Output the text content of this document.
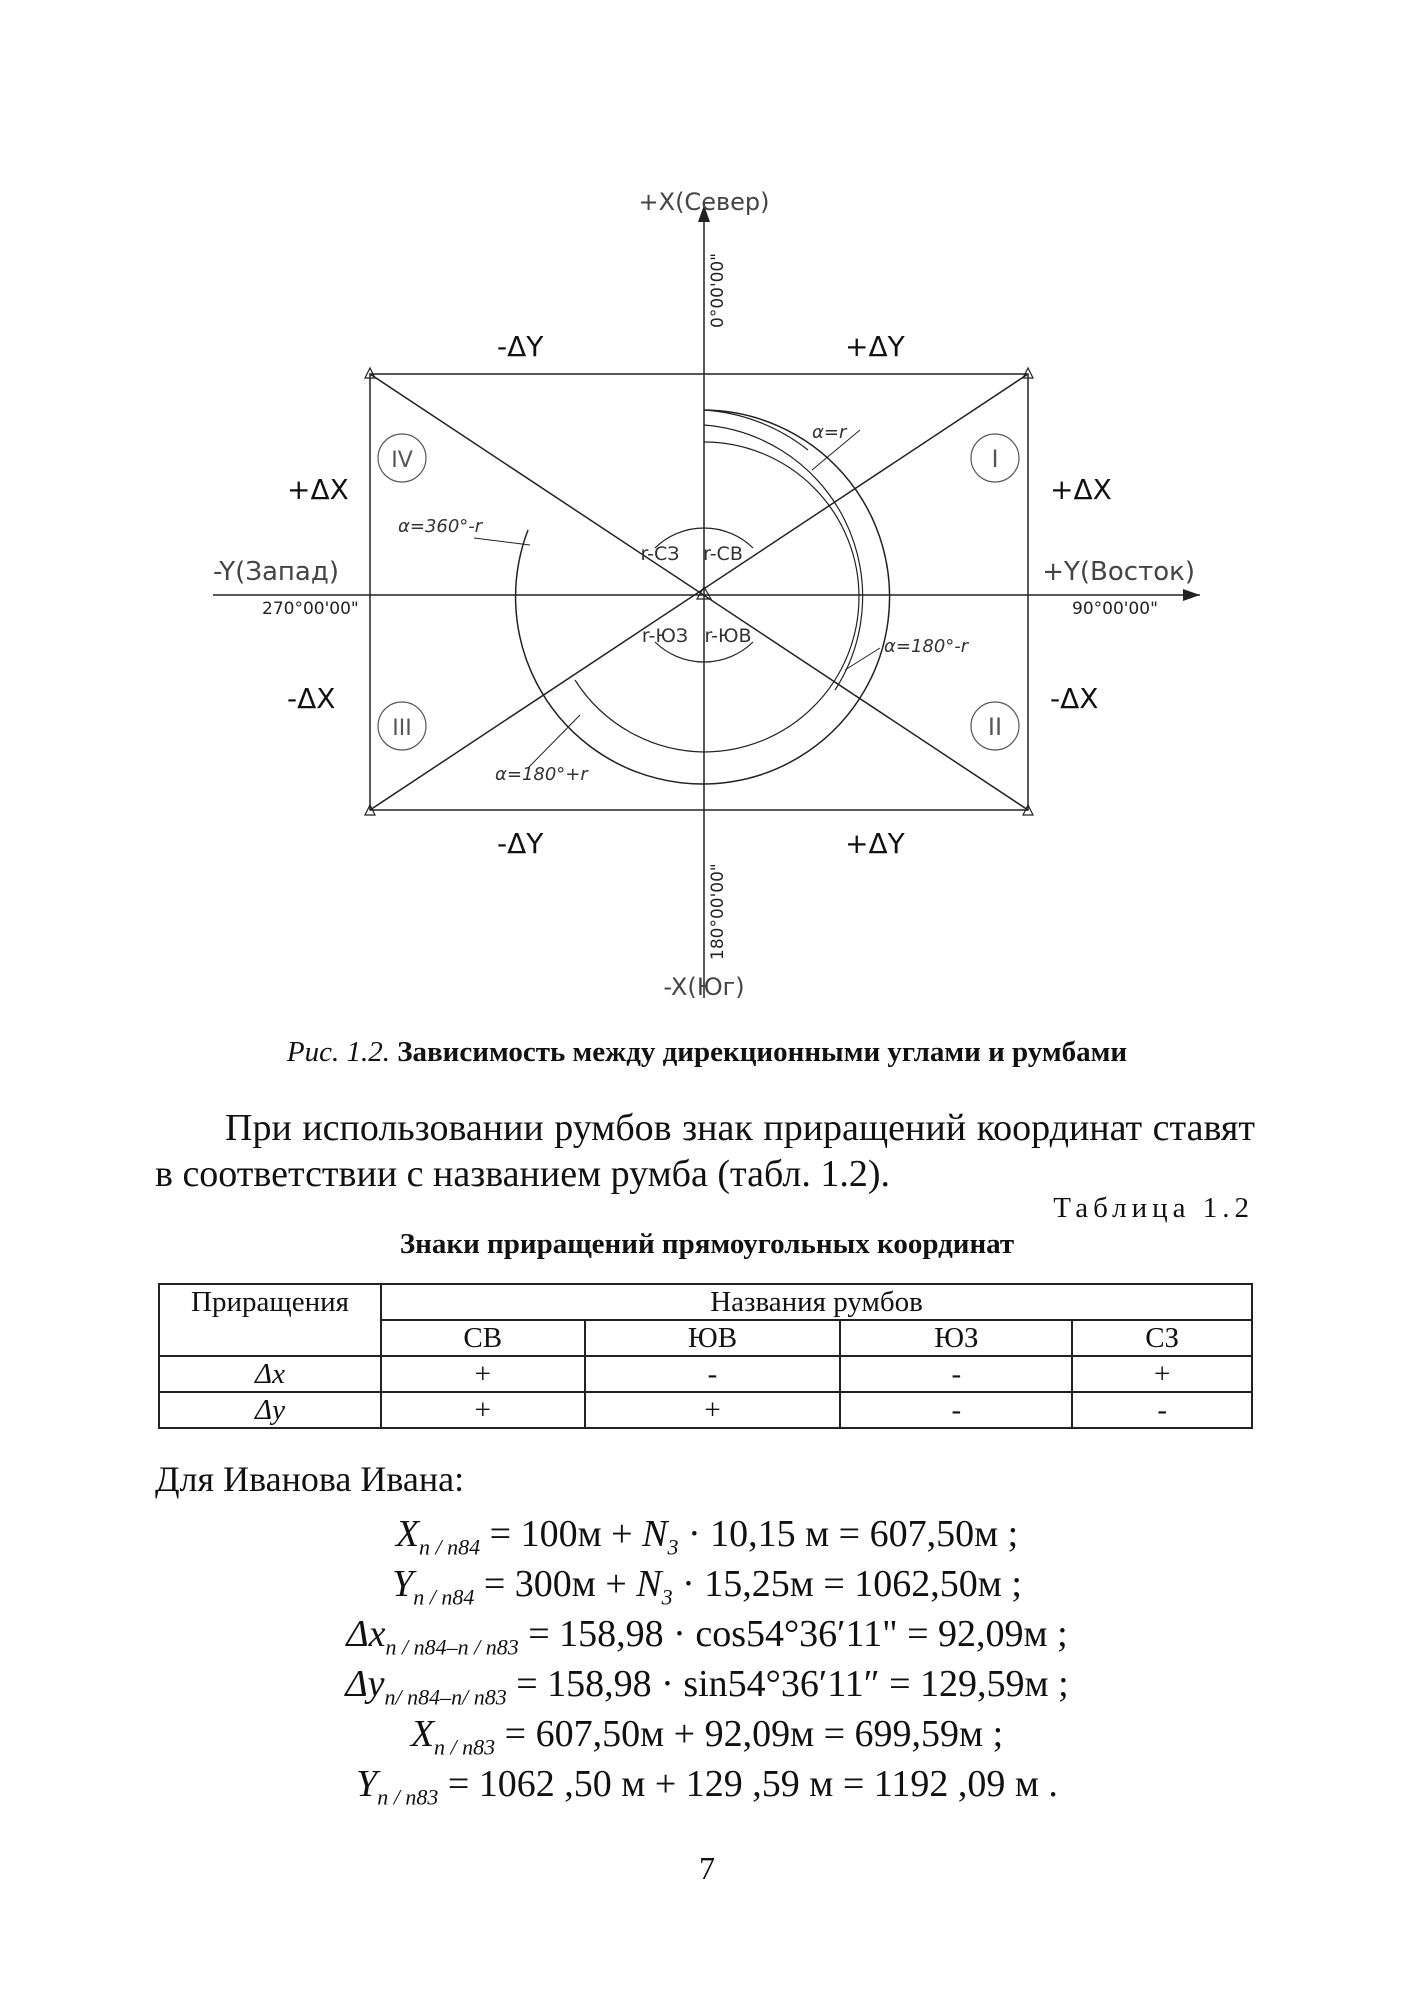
+X(Север)
-X(Юг)
-Y(Запад)	+Y(Восток)
0°00'00"
180°00'00"
270°00'00"	90°00'00"
-ΔY	+ΔY
-ΔY	+ΔY
+ΔX	+ΔX
-ΔX	-ΔX
I
II
III
IV
α=r
α=180°-r
α=180°+r
α=360°-r
r-СЗ r-СВ
r-ЮЗ r-ЮВ
Рис. 1.2. Зависимость между дирекционными углами и румбами
При использовании румбов знак приращений координат ставят в соответствии с названием румба (табл. 1.2).
Таблица 1.2
Знаки приращений прямоугольных координат
Приращения	Названия румбов			
	СВ	ЮВ	ЮЗ	СЗ
Δx	+	-	-	+
Δy	+	+	-	-
Для Иванова Ивана:
$X_{п / п84} = 100м + N_3 \cdot 10,15$ м = 607,50м ;
$Y_{п / п84} = 300м + N_3 \cdot 15,25м = 1062,50м$ ;
$\Delta x_{п / п84-п / п83} = 158,98 \cdot \cos 54^\circ 36'11$" = 92,09м ;
$\Delta y_{п/ п84-п/ п83} = 158,98 \cdot \sin 54^\circ 36'11'' = 129,59м$ ;
$X_{п / п83} = 607,50м + 92,09м = 699,59м$ ;
$Y_{п / п83} = 1062$ ,50 м + 129 ,59 м = 1192 ,09 м .
7
